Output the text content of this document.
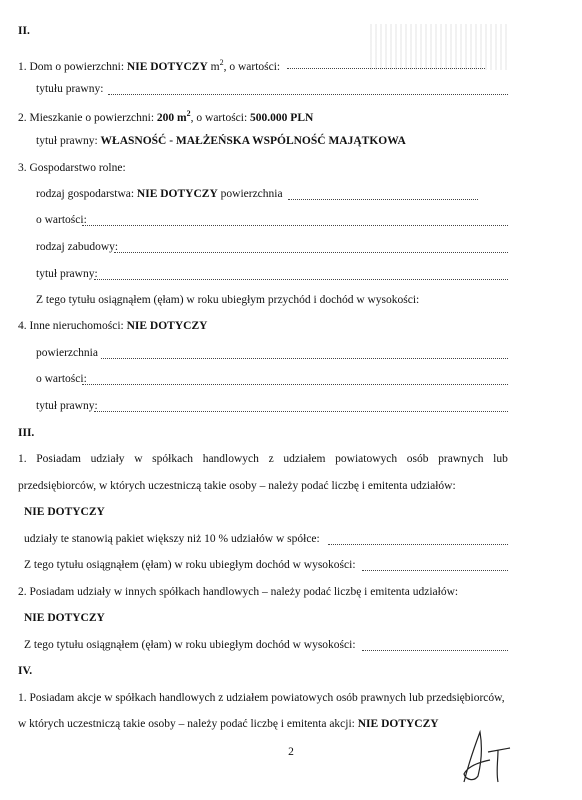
II.
1. Dom o powierzchni: NIE DOTYCZY $m^2$, o wartości:
tytułu prawny:
2. Mieszkanie o powierzchni: 200 $m^2$, o wartości: 500.000 PLN
tytuł prawny: WŁASNOŚĆ - MAŁŻEŃSKA WSPÓLNOŚĆ MAJĄTKOWA
3. Gospodarstwo rolne:
rodzaj gospodarstwa: NIE DOTYCZY powierzchnia
o wartości:
rodzaj zabudowy:
tytuł prawny:
Z tego tytułu osiągnąłem (ęłam) w roku ubiegłym przychód i dochód w wysokości:
4. Inne nieruchomości: NIE DOTYCZY
powierzchnia
o wartości:
tytuł prawny:
III.
1. Posiadam udziały w spółkach handlowych z udziałem powiatowych osób prawnych lub
przedsiębiorców, w których uczestniczą takie osoby – należy podać liczbę i emitenta udziałów:
NIE DOTYCZY
udziały te stanowią pakiet większy niż 10 % udziałów w spółce:
Z tego tytułu osiągnąłem (ęłam) w roku ubiegłym dochód w wysokości:
2. Posiadam udziały w innych spółkach handlowych – należy podać liczbę i emitenta udziałów:
NIE DOTYCZY
Z tego tytułu osiągnąłem (ęłam) w roku ubiegłym dochód w wysokości:
IV.
1. Posiadam akcje w spółkach handlowych z udziałem powiatowych osób prawnych lub przedsiębiorców,
w których uczestniczą takie osoby – należy podać liczbę i emitenta akcji: NIE DOTYCZY
2
